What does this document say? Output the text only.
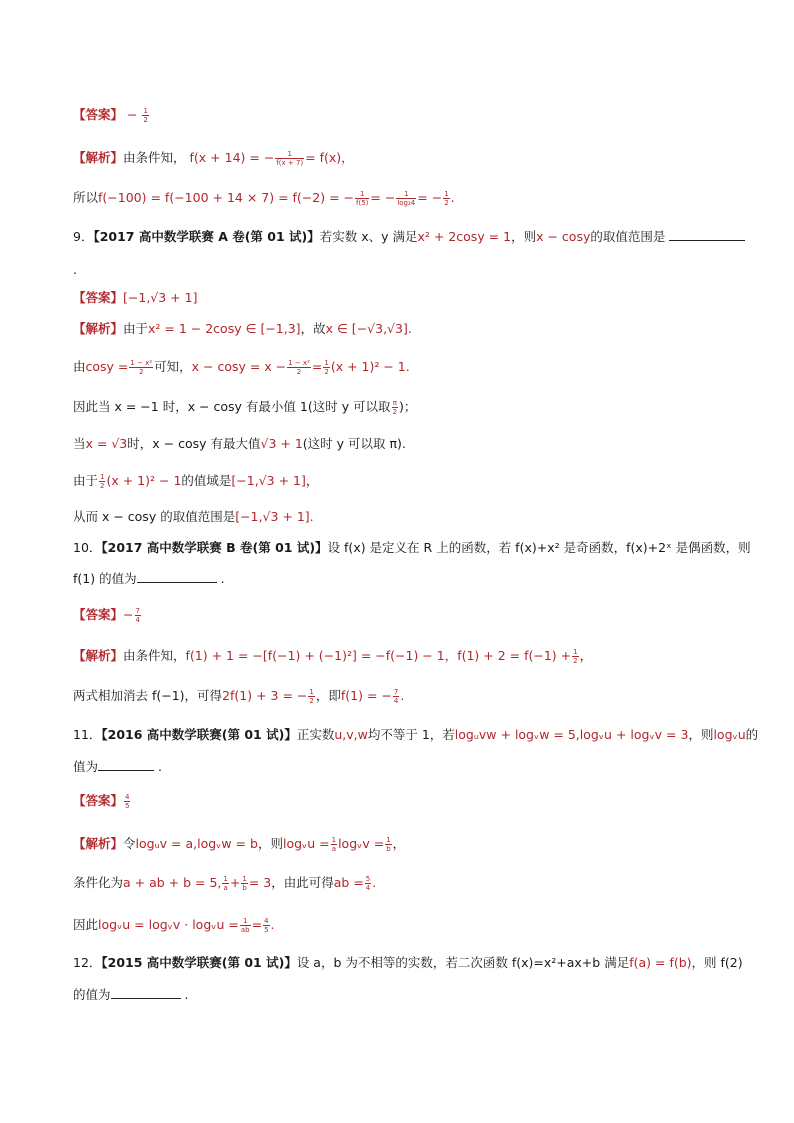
【答案】 − $\frac{1}{2}$
【解析】由条件知， f(x + 14) = − $\frac{1}{f(x + 7)} = f(x)$，
所以f(−100) = f(−100 + 14 × 7) = f(−2) = − $\frac{1}{f(5)}$ = − $\frac{1}{\text{log₂4}}$ = − $\frac{1}{2}$ .
9．【2017 高中数学联赛 A 卷(第 01 试)】若实数 x、y 满足x² + 2cosy = 1，则x − cosy的取值范围是
.
【答案】[−1,√3 + 1]
【解析】由于x² = 1 − 2cosy ∈ [−1,3]，故x ∈ [−√3,√3].
由$\cos y = \frac{\text{1 − x²}}{2}$ 可知，$x - \cos y = x - \frac{\text{1 − x²}}{2} = \frac{1}{2} (x + 1)^2 - 1$.
因此当 x = −1 时，x − cosy 有最小值 1(这时 y 可以取 $\frac{\pi}{2}$ )；
当x = √3时，x − cosy 有最大值√3 + 1(这时 y 可以取 π).
由于 $\frac{1}{2} (x + 1)^2 - 1$的值域是[−1,√3 + 1]，
从而 x − cosy 的取值范围是[−1,√3 + 1].
10．【2017 高中数学联赛 B 卷(第 01 试)】设 f(x) 是定义在 R 上的函数，若 f(x)+x² 是奇函数，f(x)+2ˣ 是偶函数，则
f(1) 的值为	.
【答案】− $\frac{7}{4}$
【解析】由条件知，f(1) + 1 = −[f(−1) + (−1)²] = −f(−1) − 1，$f(1) + 2 = f(-1) + \frac{1}{2}$ ，
两式相加消去 f(−1)，可得2f(1) + 3 = − $\frac{1}{2}$ ，即f(1) = − $\frac{7}{4}$ .
11．【2016 高中数学联赛(第 01 试)】正实数u,v,w均不等于 1，若logᵤvw + logᵥw = 5,logᵥu + logᵥv = 3，则logᵥu的
值为	.
【答案】 $\frac{4}{5}$
【解析】令logᵤv = a,logᵥw = b，则logᵥu = $\frac{1}{a}$ logᵥv = $\frac{1}{b}$ ，
条件化为a + ab + b = 5, $\frac{1}{a} + \frac{1}{b} = 3$，由此可得ab = $\frac{5}{4}$ .
因此logᵥu = logᵥv · logᵥu = $\frac{1}{ab} = \frac{4}{5}$ .
12．【2015 高中数学联赛(第 01 试)】设 a，b 为不相等的实数，若二次函数 f(x)=x²+ax+b 满足f(a) = f(b)，则 f(2)
的值为	.
